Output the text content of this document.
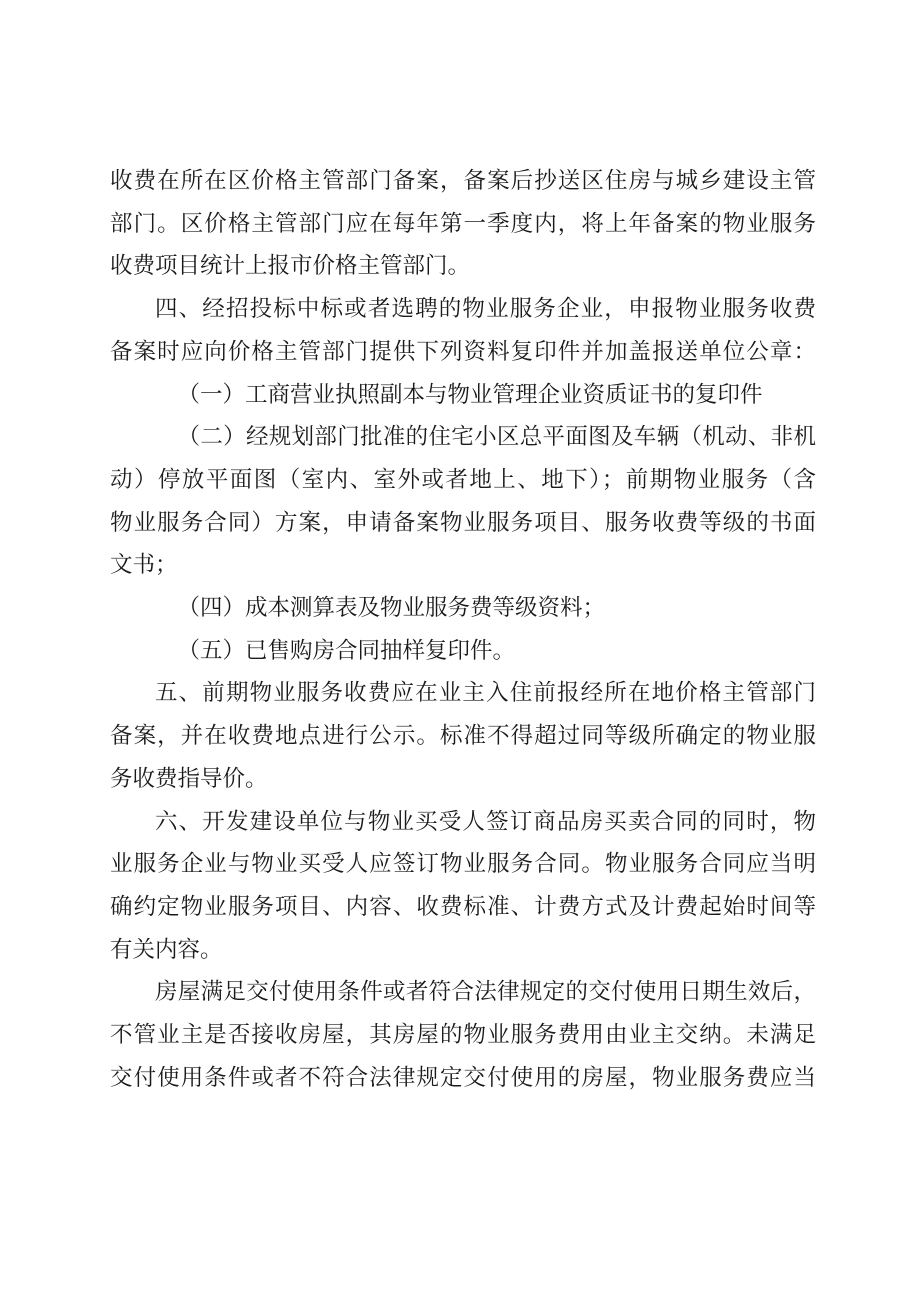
收费在所在区价格主管部门备案，备案后抄送区住房与城乡建设主管
部门。区价格主管部门应在每年第一季度内，将上年备案的物业服务
收费项目统计上报市价格主管部门。

四、经招投标中标或者选聘的物业服务企业，申报物业服务收费
备案时应向价格主管部门提供下列资料复印件并加盖报送单位公章：

（一）工商营业执照副本与物业管理企业资质证书的复印件

（二）经规划部门批准的住宅小区总平面图及车辆（机动、非机
动）停放平面图（室内、室外或者地上、地下）；前期物业服务（含
物业服务合同）方案，申请备案物业服务项目、服务收费等级的书面
文书；

（四）成本测算表及物业服务费等级资料；

（五）已售购房合同抽样复印件。

五、前期物业服务收费应在业主入住前报经所在地价格主管部门
备案，并在收费地点进行公示。标准不得超过同等级所确定的物业服
务收费指导价。

六、开发建设单位与物业买受人签订商品房买卖合同的同时，物
业服务企业与物业买受人应签订物业服务合同。物业服务合同应当明
确约定物业服务项目、内容、收费标准、计费方式及计费起始时间等
有关内容。

房屋满足交付使用条件或者符合法律规定的交付使用日期生效后，
不管业主是否接收房屋，其房屋的物业服务费用由业主交纳。未满足
交付使用条件或者不符合法律规定交付使用的房屋，物业服务费应当
